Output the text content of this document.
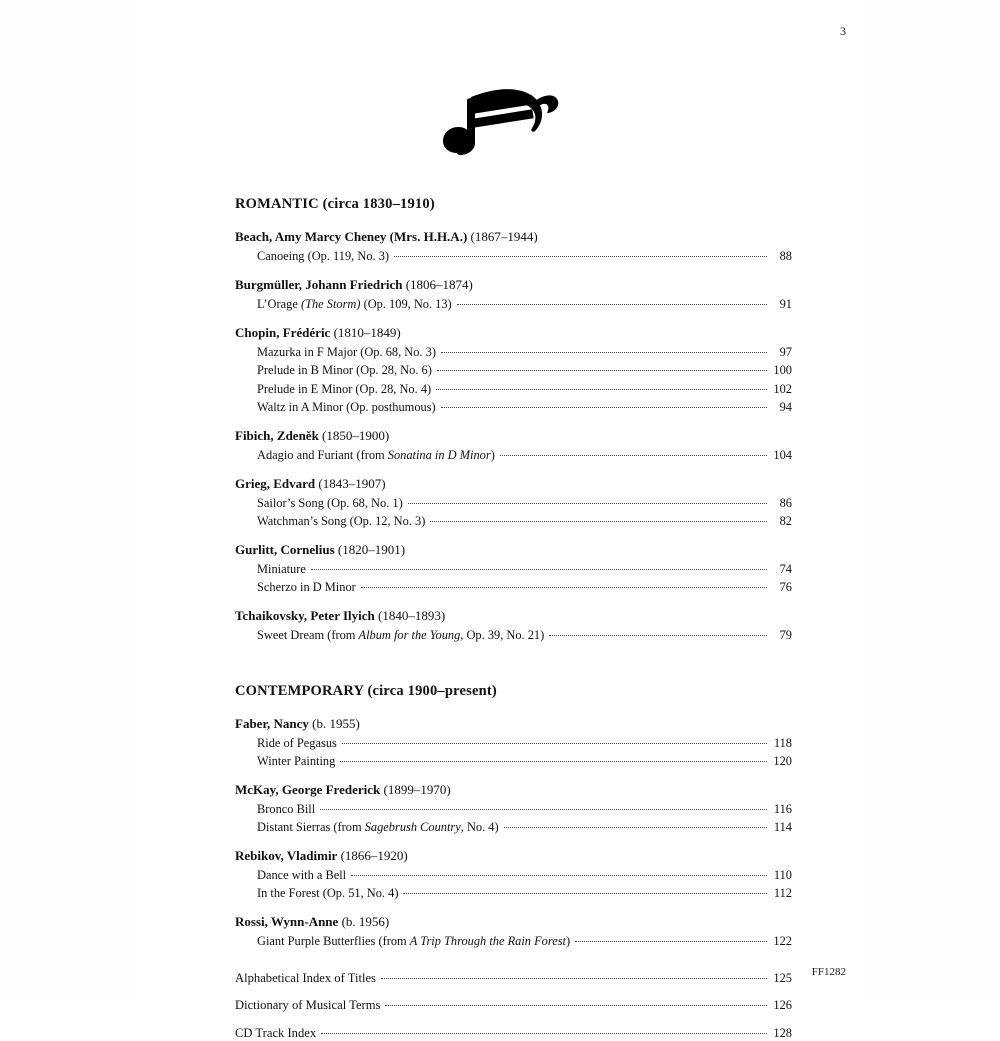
3
ROMANTIC (circa 1830–1910)
Beach, Amy Marcy Cheney (Mrs. H.H.A.) (1867–1944)
Canoeing (Op. 119, No. 3)	88
Burgmüller, Johann Friedrich (1806–1874)
L’Orage (The Storm) (Op. 109, No. 13)	91
Chopin, Frédéric (1810–1849)
Mazurka in F Major (Op. 68, No. 3)	97
Prelude in B Minor (Op. 28, No. 6)	100
Prelude in E Minor (Op. 28, No. 4)	102
Waltz in A Minor (Op. posthumous)	94
Fibich, Zdeněk (1850–1900)
Adagio and Furiant (from Sonatina in D Minor)	104
Grieg, Edvard (1843–1907)
Sailor’s Song (Op. 68, No. 1)	86
Watchman’s Song (Op. 12, No. 3)	82
Gurlitt, Cornelius (1820–1901)
Miniature	74
Scherzo in D Minor	76
Tchaikovsky, Peter Ilyich (1840–1893)
Sweet Dream (from Album for the Young, Op. 39, No. 21)	79
CONTEMPORARY (circa 1900–present)
Faber, Nancy (b. 1955)
Ride of Pegasus	118
Winter Painting	120
McKay, George Frederick (1899–1970)
Bronco Bill	116
Distant Sierras (from Sagebrush Country, No. 4)	114
Rebikov, Vladimir (1866–1920)
Dance with a Bell	110
In the Forest (Op. 51, No. 4)	112
Rossi, Wynn-Anne (b. 1956)
Giant Purple Butterflies (from A Trip Through the Rain Forest)	122
Alphabetical Index of Titles	125
Dictionary of Musical Terms	126
CD Track Index	128
FF1282
